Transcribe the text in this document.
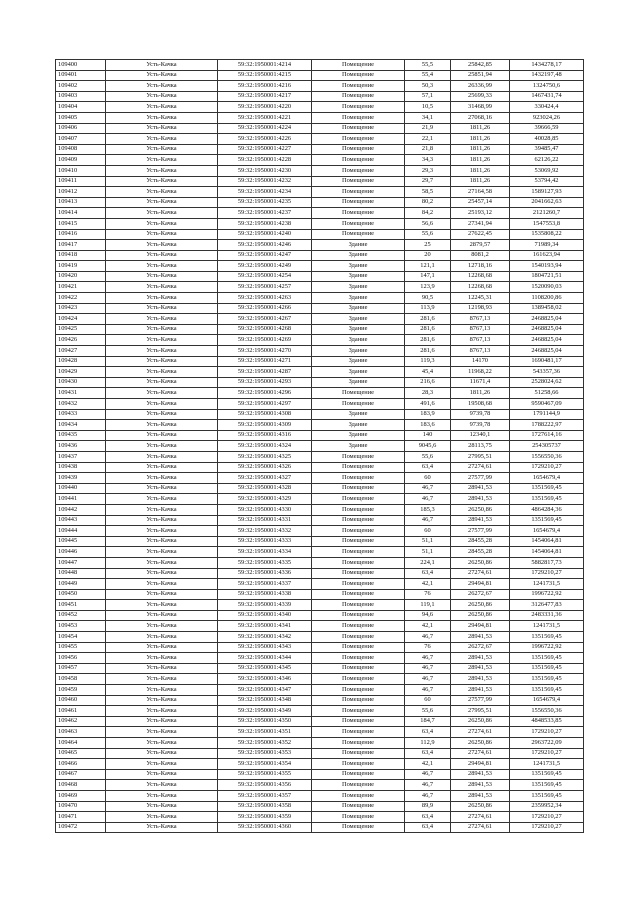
109400	Усть-Качка	59:32:1950001:4214	Помещение	55,5	25842,85	1434278,17
109401	Усть-Качка	59:32:1950001:4215	Помещение	55,4	25851,94	1432197,48
109402	Усть-Качка	59:32:1950001:4216	Помещение	50,3	26336,99	1324750,6
109403	Усть-Качка	59:32:1950001:4217	Помещение	57,1	25699,33	1467431,74
109404	Усть-Качка	59:32:1950001:4220	Помещение	10,5	31468,99	330424,4
109405	Усть-Качка	59:32:1950001:4221	Помещение	34,1	27068,16	923024,26
109406	Усть-Качка	59:32:1950001:4224	Помещение	21,9	1811,26	39666,59
109407	Усть-Качка	59:32:1950001:4226	Помещение	22,1	1811,26	40028,85
109408	Усть-Качка	59:32:1950001:4227	Помещение	21,8	1811,26	39485,47
109409	Усть-Качка	59:32:1950001:4228	Помещение	34,3	1811,26	62126,22
109410	Усть-Качка	59:32:1950001:4230	Помещение	29,3	1811,26	53069,92
109411	Усть-Качка	59:32:1950001:4232	Помещение	29,7	1811,26	53794,42
109412	Усть-Качка	59:32:1950001:4234	Помещение	58,5	27164,58	1589127,93
109413	Усть-Качка	59:32:1950001:4235	Помещение	80,2	25457,14	2041662,63
109414	Усть-Качка	59:32:1950001:4237	Помещение	84,2	25193,12	2121260,7
109415	Усть-Качка	59:32:1950001:4238	Помещение	56,6	27341,94	1547553,8
109416	Усть-Качка	59:32:1950001:4240	Помещение	55,6	27622,45	1535808,22
109417	Усть-Качка	59:32:1950001:4246	Здание	25	2879,57	71989,34
109418	Усть-Качка	59:32:1950001:4247	Здание	20	8081,2	161623,94
109419	Усть-Качка	59:32:1950001:4249	Здание	121,1	12718,16	1540193,94
109420	Усть-Качка	59:32:1950001:4254	Здание	147,1	12268,68	1804721,51
109421	Усть-Качка	59:32:1950001:4257	Здание	123,9	12268,68	1520090,03
109422	Усть-Качка	59:32:1950001:4263	Здание	90,5	12245,31	1108200,86
109423	Усть-Качка	59:32:1950001:4266	Здание	113,9	12198,93	1389458,02
109424	Усть-Качка	59:32:1950001:4267	Здание	281,6	8767,13	2468825,04
109425	Усть-Качка	59:32:1950001:4268	Здание	281,6	8767,13	2468825,04
109426	Усть-Качка	59:32:1950001:4269	Здание	281,6	8767,13	2468825,04
109427	Усть-Качка	59:32:1950001:4270	Здание	281,6	8767,13	2468825,04
109428	Усть-Качка	59:32:1950001:4271	Здание	119,3	14170	1690481,17
109429	Усть-Качка	59:32:1950001:4287	Здание	45,4	11968,22	543357,36
109430	Усть-Качка	59:32:1950001:4293	Здание	216,6	11671,4	2528024,62
109431	Усть-Качка	59:32:1950001:4296	Помещение	28,3	1811,26	51258,66
109432	Усть-Качка	59:32:1950001:4297	Помещение	491,6	19508,68	9590467,09
109433	Усть-Качка	59:32:1950001:4308	Здание	183,9	9739,78	1791144,9
109434	Усть-Качка	59:32:1950001:4309	Здание	183,6	9739,78	1788222,97
109435	Усть-Качка	59:32:1950001:4316	Здание	140	12340,1	1727614,16
109436	Усть-Качка	59:32:1950001:4324	Здание	9045,6	28113,75	254305737
109437	Усть-Качка	59:32:1950001:4325	Помещение	55,6	27995,51	1556550,36
109438	Усть-Качка	59:32:1950001:4326	Помещение	63,4	27274,61	1729210,27
109439	Усть-Качка	59:32:1950001:4327	Помещение	60	27577,99	1654679,4
109440	Усть-Качка	59:32:1950001:4328	Помещение	46,7	28941,53	1351569,45
109441	Усть-Качка	59:32:1950001:4329	Помещение	46,7	28941,53	1351569,45
109442	Усть-Качка	59:32:1950001:4330	Помещение	185,3	26250,86	4864284,36
109443	Усть-Качка	59:32:1950001:4331	Помещение	46,7	28941,53	1351569,45
109444	Усть-Качка	59:32:1950001:4332	Помещение	60	27577,99	1654679,4
109445	Усть-Качка	59:32:1950001:4333	Помещение	51,1	28455,28	1454064,81
109446	Усть-Качка	59:32:1950001:4334	Помещение	51,1	28455,28	1454064,81
109447	Усть-Качка	59:32:1950001:4335	Помещение	224,1	26250,86	5882817,73
109448	Усть-Качка	59:32:1950001:4336	Помещение	63,4	27274,61	1729210,27
109449	Усть-Качка	59:32:1950001:4337	Помещение	42,1	29494,81	1241731,5
109450	Усть-Качка	59:32:1950001:4338	Помещение	76	26272,67	1996722,92
109451	Усть-Качка	59:32:1950001:4339	Помещение	119,1	26250,86	3126477,83
109452	Усть-Качка	59:32:1950001:4340	Помещение	94,6	26250,86	2483331,36
109453	Усть-Качка	59:32:1950001:4341	Помещение	42,1	29494,81	1241731,5
109454	Усть-Качка	59:32:1950001:4342	Помещение	46,7	28941,53	1351569,45
109455	Усть-Качка	59:32:1950001:4343	Помещение	76	26272,67	1996722,92
109456	Усть-Качка	59:32:1950001:4344	Помещение	46,7	28941,53	1351569,45
109457	Усть-Качка	59:32:1950001:4345	Помещение	46,7	28941,53	1351569,45
109458	Усть-Качка	59:32:1950001:4346	Помещение	46,7	28941,53	1351569,45
109459	Усть-Качка	59:32:1950001:4347	Помещение	46,7	28941,53	1351569,45
109460	Усть-Качка	59:32:1950001:4348	Помещение	60	27577,99	1654679,4
109461	Усть-Качка	59:32:1950001:4349	Помещение	55,6	27995,51	1556550,36
109462	Усть-Качка	59:32:1950001:4350	Помещение	184,7	26250,86	4848533,85
109463	Усть-Качка	59:32:1950001:4351	Помещение	63,4	27274,61	1729210,27
109464	Усть-Качка	59:32:1950001:4352	Помещение	112,9	26250,86	2963722,09
109465	Усть-Качка	59:32:1950001:4353	Помещение	63,4	27274,61	1729210,27
109466	Усть-Качка	59:32:1950001:4354	Помещение	42,1	29494,81	1241731,5
109467	Усть-Качка	59:32:1950001:4355	Помещение	46,7	28941,53	1351569,45
109468	Усть-Качка	59:32:1950001:4356	Помещение	46,7	28941,53	1351569,45
109469	Усть-Качка	59:32:1950001:4357	Помещение	46,7	28941,53	1351569,45
109470	Усть-Качка	59:32:1950001:4358	Помещение	89,9	26250,86	2359952,34
109471	Усть-Качка	59:32:1950001:4359	Помещение	63,4	27274,61	1729210,27
109472	Усть-Качка	59:32:1950001:4360	Помещение	63,4	27274,61	1729210,27
